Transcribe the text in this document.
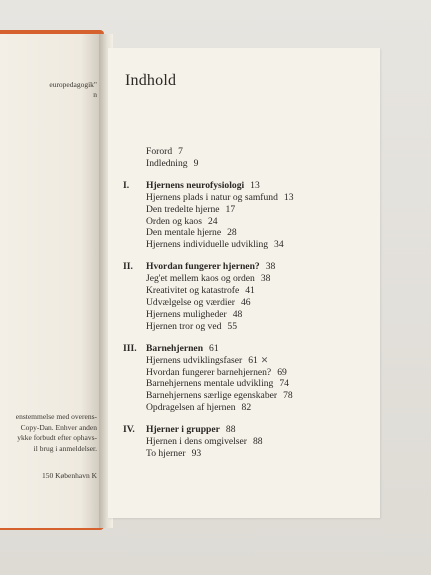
europedagogik"
n
enstemmelse med overens-
Copy-Dan. Enhver anden
ykke forbudt efter ophavs-
il brug i anmeldelser.
150 København K
Indhold
Forord 7
Indledning 9
I.	Hjernens neurofysiologi 13
Hjernens plads i natur og samfund 13
Den tredelte hjerne 17
Orden og kaos 24
Den mentale hjerne 28
Hjernens individuelle udvikling 34
II.	Hvordan fungerer hjernen? 38
Jeg'et mellem kaos og orden 38
Kreativitet og katastrofe 41
Udvælgelse og værdier 46
Hjernens muligheder 48
Hjernen tror og ved 55
III. Barnehjernen 61
Hjernens udviklingsfaser 61 ✕
Hvordan fungerer barnehjernen? 69
Barnehjernens mentale udvikling 74
Barnehjernens særlige egenskaber 78
Opdragelsen af hjernen 82
IV.	Hjerner i grupper 88
Hjernen i dens omgivelser 88
To hjerner 93
